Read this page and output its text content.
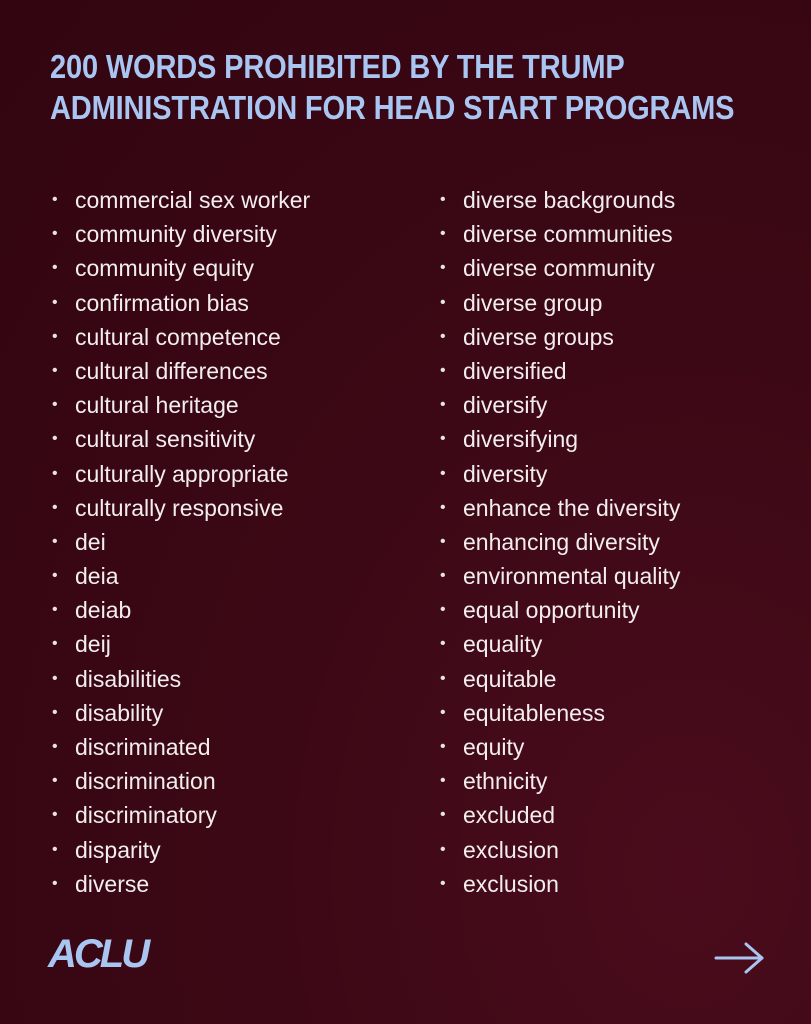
200 WORDS PROHIBITED BY THE TRUMP
ADMINISTRATION FOR HEAD START PROGRAMS
• commercial sex worker
• community diversity
• community equity
• confirmation bias
• cultural competence
• cultural differences
• cultural heritage
• cultural sensitivity
• culturally appropriate
• culturally responsive
• dei
• deia
• deiab
• deij
• disabilities
• disability
• discriminated
• discrimination
• discriminatory
• disparity
• diverse
• diverse backgrounds
• diverse communities
• diverse community
• diverse group
• diverse groups
• diversified
• diversify
• diversifying
• diversity
• enhance the diversity
• enhancing diversity
• environmental quality
• equal opportunity
• equality
• equitable
• equitableness
• equity
• ethnicity
• excluded
• exclusion
• exclusion
ACLU
